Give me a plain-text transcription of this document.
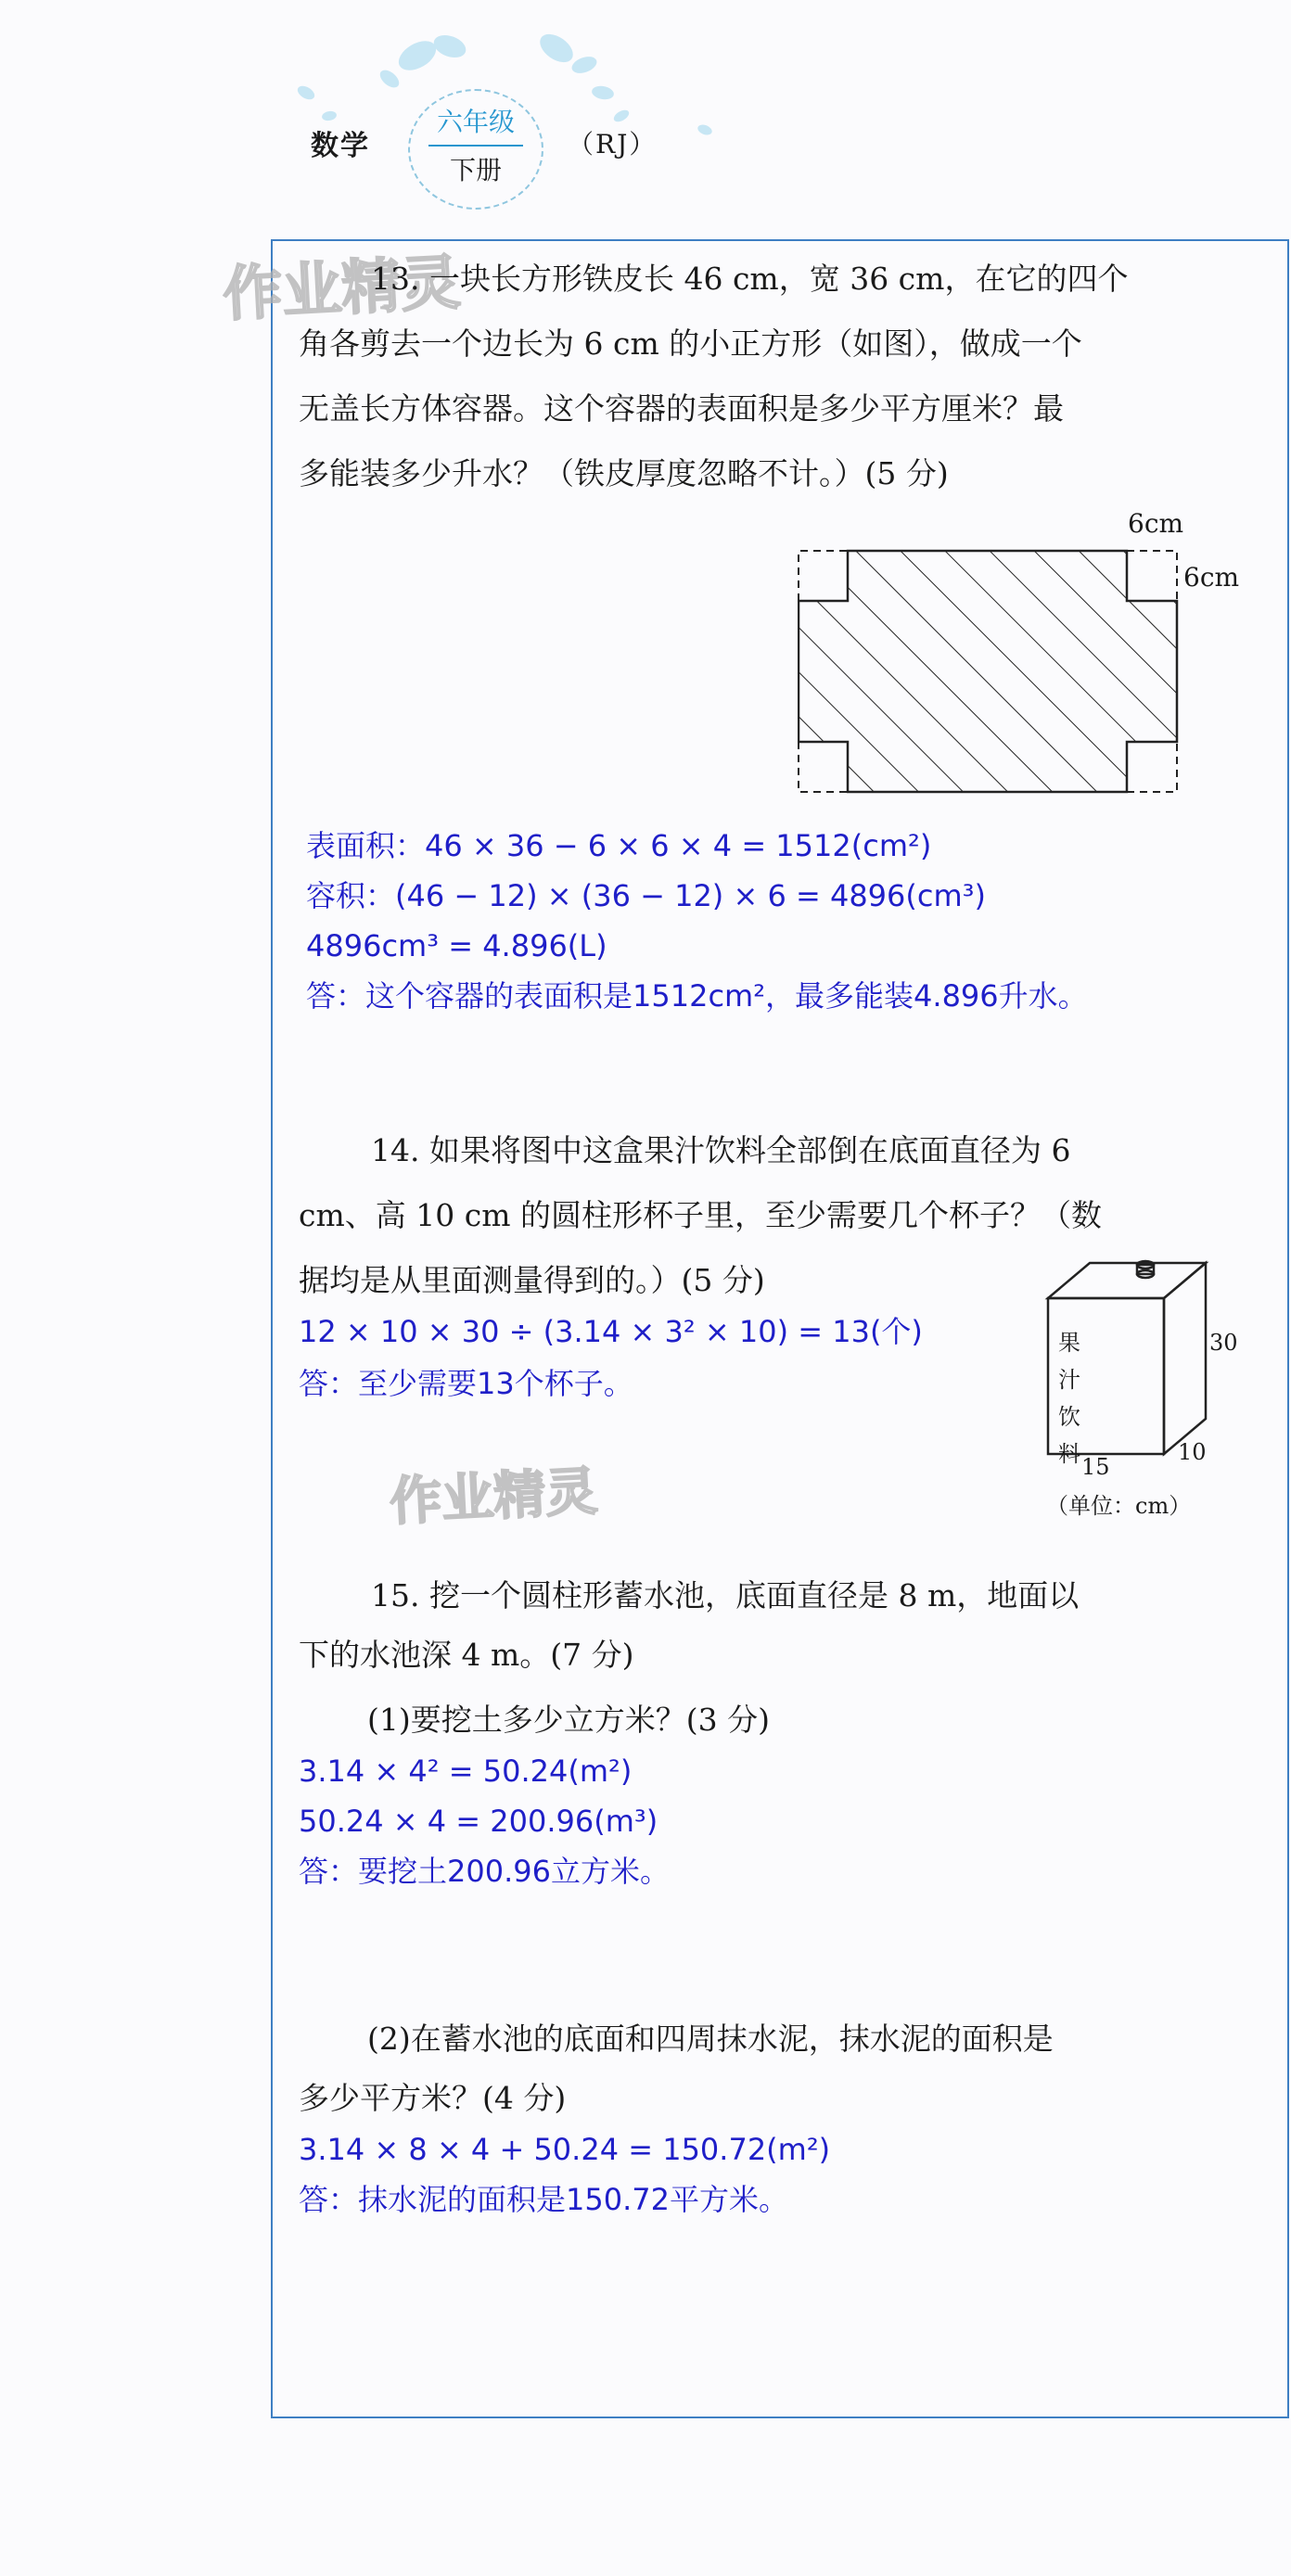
数学
六年级
下册
（RJ）
作业精灵
作业精灵
13. 一块长方形铁皮长 46 cm，宽 36 cm，在它的四个
角各剪去一个边长为 6 cm 的小正方形（如图），做成一个
无盖长方体容器。这个容器的表面积是多少平方厘米？最
多能装多少升水？（铁皮厚度忽略不计。）(5 分)
6cm
6cm
表面积：46 × 36 − 6 × 6 × 4 = 1512(cm²)
容积：(46 − 12) × (36 − 12) × 6 = 4896(cm³)
4896cm³ = 4.896(L)
答：这个容器的表面积是1512cm²，最多能装4.896升水。
14. 如果将图中这盒果汁饮料全部倒在底面直径为 6
cm、高 10 cm 的圆柱形杯子里，至少需要几个杯子？（数
据均是从里面测量得到的。）(5 分)
果
汁
饮
料
30
15
10
（单位：cm）
12 × 10 × 30 ÷ (3.14 × 3² × 10) = 13(个)
答：至少需要13个杯子。
15. 挖一个圆柱形蓄水池，底面直径是 8 m，地面以
下的水池深 4 m。(7 分)
(1)要挖土多少立方米？(3 分)
3.14 × 4² = 50.24(m²)
50.24 × 4 = 200.96(m³)
答：要挖土200.96立方米。
(2)在蓄水池的底面和四周抹水泥，抹水泥的面积是
多少平方米？(4 分)
3.14 × 8 × 4 + 50.24 = 150.72(m²)
答：抹水泥的面积是150.72平方米。
